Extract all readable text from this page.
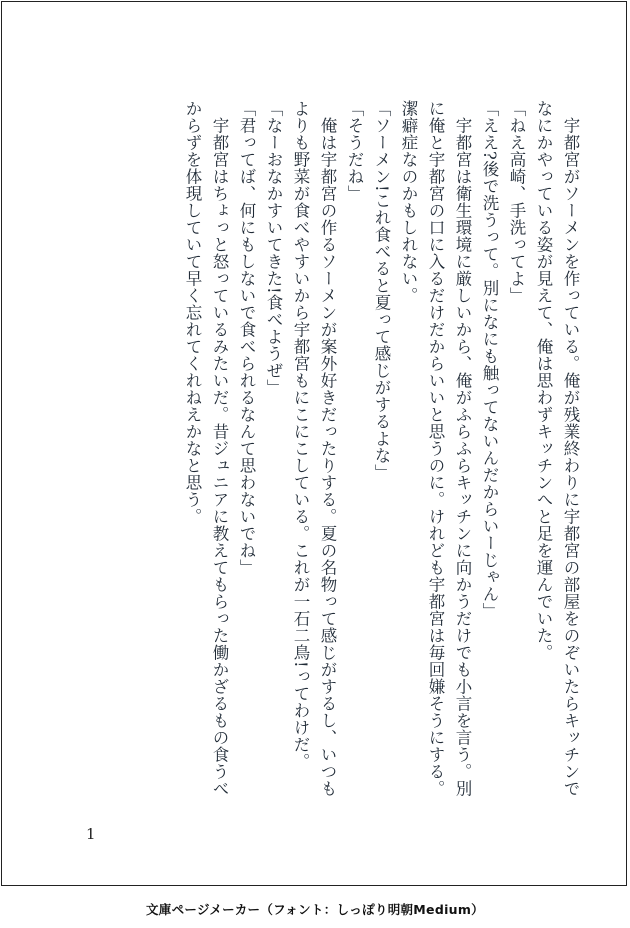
宇都宮がソーメンを作っている。俺が残業終わりに宇都宮の部屋をのぞいたらキッチンでなにかやっている姿が見えて、俺は思わずキッチンへと足を運んでいた。

「ねえ高崎、手洗ってよ」

「ええ?後で洗うって。別になにも触ってないんだからいーじゃん」

宇都宮は衛生環境に厳しいから、俺がふらふらキッチンに向かうだけでも小言を言う。別に俺と宇都宮の口に入るだけだからいいと思うのに。けれども宇都宮は毎回嫌そうにする。潔癖症なのかもしれない。

「ソーメン!これ食べると夏って感じがするよな」

「そうだね」

俺は宇都宮の作るソーメンが案外好きだったりする。夏の名物って感じがするし、いつもよりも野菜が食べやすいから宇都宮もにこにこしている。これが一石二鳥!ってわけだ。

「なーおなかすいてきた!食べようぜ」

「君ってば、何にもしないで食べられるなんて思わないでね」

宇都宮はちょっと怒っているみたいだ。昔ジュニアに教えてもらった働かざるもの食うべからずを体現していて早く忘れてくれねえかなと思う。

1
文庫ページメーカー（フォント：しっぽり明朝Medium）
